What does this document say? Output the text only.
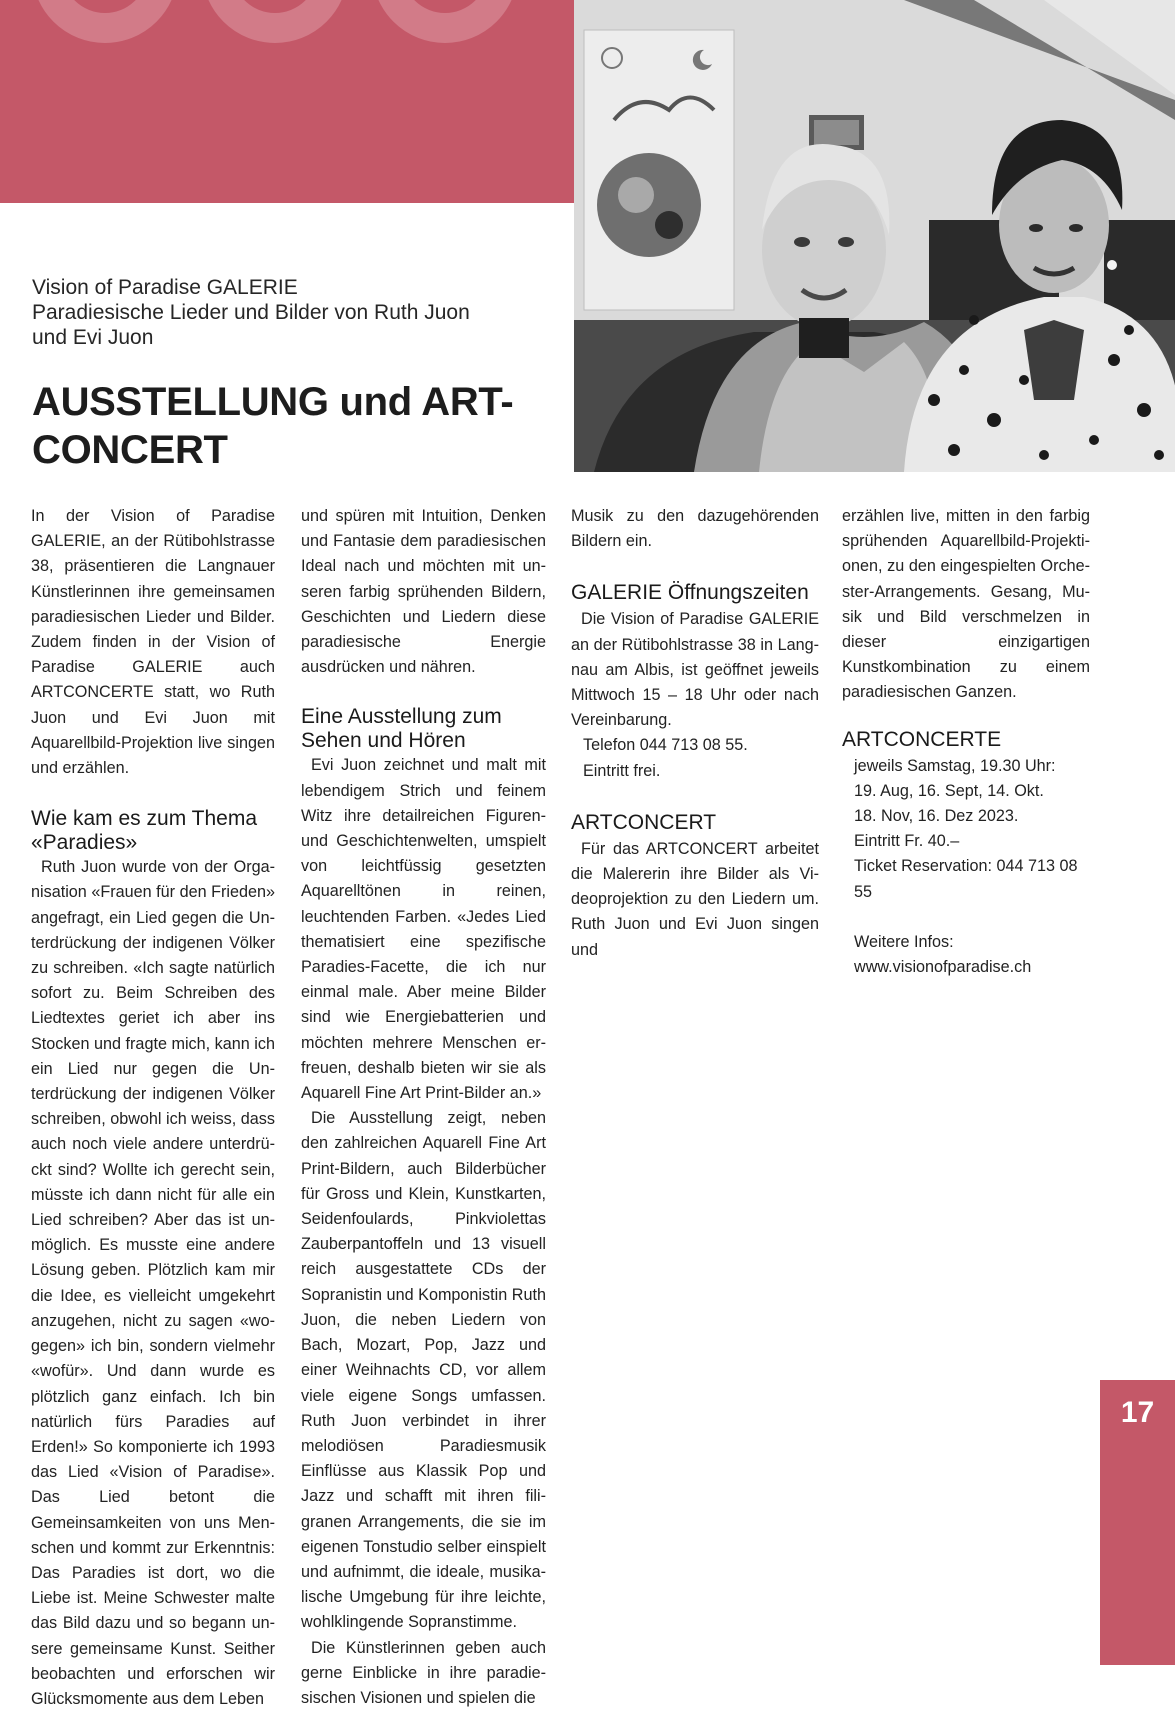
Vision of Paradise GALERIE
Paradiesische Lieder und Bilder von Ruth Juon
und Evi Juon
AUSSTELLUNG und ART-
CONCERT

In der Vision of Paradise GALERIE, an der Rütibohlstrasse 38, präsentieren die Langnauer Künstlerinnen ihre gemeinsamen paradiesischen Lieder und Bilder. Zudem finden in der Vision of Paradise GALERIE auch ARTCONCERTE statt, wo Ruth Juon und Evi Juon mit Aquarellbild-Projektion live singen und erzählen.

Wie kam es zum Thema
«Paradies»

Ruth Juon wurde von der Organisation «Frauen für den Frieden» angefragt, ein Lied gegen die Unterdrückung der indigenen Völker zu schreiben. «Ich sagte natürlich sofort zu. Beim Schreiben des Liedtextes geriet ich aber ins Stocken und fragte mich, kann ich ein Lied nur gegen die Unterdrückung der indigenen Völker schreiben, obwohl ich weiss, dass auch noch viele andere unterdrückt sind? Wollte ich gerecht sein, müsste ich dann nicht für alle ein Lied schreiben? Aber das ist unmöglich. Es musste eine andere Lösung geben. Plötzlich kam mir die Idee, es vielleicht umgekehrt anzugehen, nicht zu sagen «wogegen» ich bin, sondern vielmehr «wofür». Und dann wurde es plötzlich ganz einfach. Ich bin natürlich fürs Paradies auf Erden!» So komponierte ich 1993 das Lied «Vision of Paradise». Das Lied betont die Gemeinsamkeiten von uns Menschen und kommt zur Erkenntnis: Das Paradies ist dort, wo die Liebe ist. Meine Schwester malte das Bild dazu und so begann unsere gemeinsame Kunst. Seither beobachten und erforschen wir Glücksmomente aus dem Leben

und spüren mit Intuition, Denken und Fantasie dem paradiesischen Ideal nach und möchten mit unseren farbig sprühenden Bildern, Geschichten und Liedern diese paradiesische Energie ausdrücken und nähren.

Eine Ausstellung zum
Sehen und Hören

Evi Juon zeichnet und malt mit lebendigem Strich und feinem Witz ihre detailreichen Figuren- und Geschichtenwelten, umspielt von leichtfüssig gesetzten Aquarelltönen in reinen, leuchtenden Farben. «Jedes Lied thematisiert eine spezifische Paradies-Facette, die ich nur einmal male. Aber meine Bilder sind wie Energiebatterien und möchten mehrere Menschen erfreuen, deshalb bieten wir sie als Aquarell Fine Art Print-Bilder an.»

Die Ausstellung zeigt, neben den zahlreichen Aquarell Fine Art Print-Bildern, auch Bilderbücher für Gross und Klein, Kunstkarten, Seidenfoulards, Pinkviolettas Zauberpantoffeln und 13 visuell reich ausgestattete CDs der Sopranistin und Komponistin Ruth Juon, die neben Liedern von Bach, Mozart, Pop, Jazz und einer Weihnachts CD, vor allem viele eigene Songs umfassen. Ruth Juon verbindet in ihrer melodiösen Paradiesmusik Einflüsse aus Klassik Pop und Jazz und schafft mit ihren filigranen Arrangements, die sie im eigenen Tonstudio selber einspielt und aufnimmt, die ideale, musikalische Umgebung für ihre leichte, wohlklingende Sopranstimme.

Die Künstlerinnen geben auch gerne Einblicke in ihre paradiesischen Visionen und spielen die

Musik zu den dazugehörenden Bildern ein.

GALERIE Öffnungszeiten

Die Vision of Paradise GALERIE an der Rütibohlstrasse 38 in Langnau am Albis, ist geöffnet jeweils Mittwoch 15 – 18 Uhr oder nach Vereinbarung.

Telefon 044 713 08 55.
Eintritt frei.
ARTCONCERT

Für das ARTCONCERT arbeitet die Malererin ihre Bilder als Videoprojektion zu den Liedern um. Ruth Juon und Evi Juon singen und

erzählen live, mitten in den farbig sprühenden Aquarellbild-Projektionen, zu den eingespielten Orchester-Arrangements. Gesang, Musik und Bild verschmelzen in dieser einzigartigen Kunstkombination zu einem paradiesischen Ganzen.

ARTCONCERTE
jeweils Samstag, 19.30 Uhr:
19. Aug, 16. Sept, 14. Okt.
18. Nov, 16. Dez 2023.
Eintritt Fr. 40.–
Ticket Reservation: 044 713 08 55
Weitere Infos:
www.visionofparadise.ch
17
